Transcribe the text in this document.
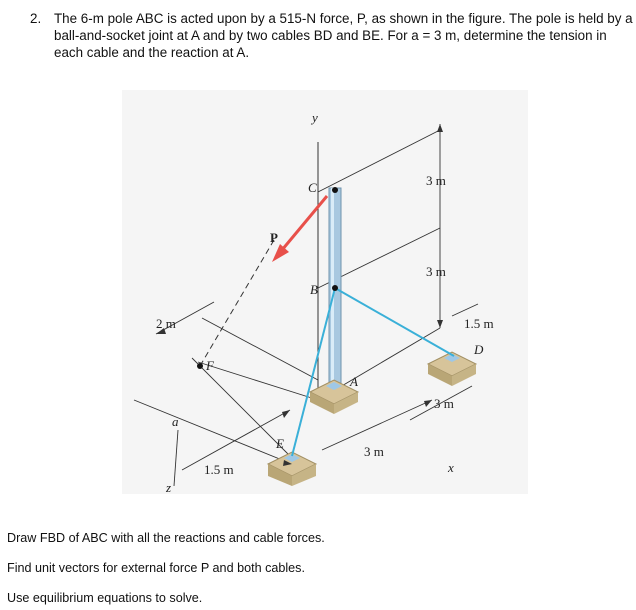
2. The 6-m pole ABC is acted upon by a 515-N force, P, as shown in the figure. The pole is held by a ball-and-socket joint at A and by two cables BD and BE. For a = 3 m, determine the tension in each cable and the reaction at A.
y
C
P
B
A
D
E
F
a
z
x
3 m
3 m
1.5 m
3 m
2 m
1.5 m
3 m
Draw FBD of ABC with all the reactions and cable forces.
Find unit vectors for external force P and both cables.
Use equilibrium equations to solve.
